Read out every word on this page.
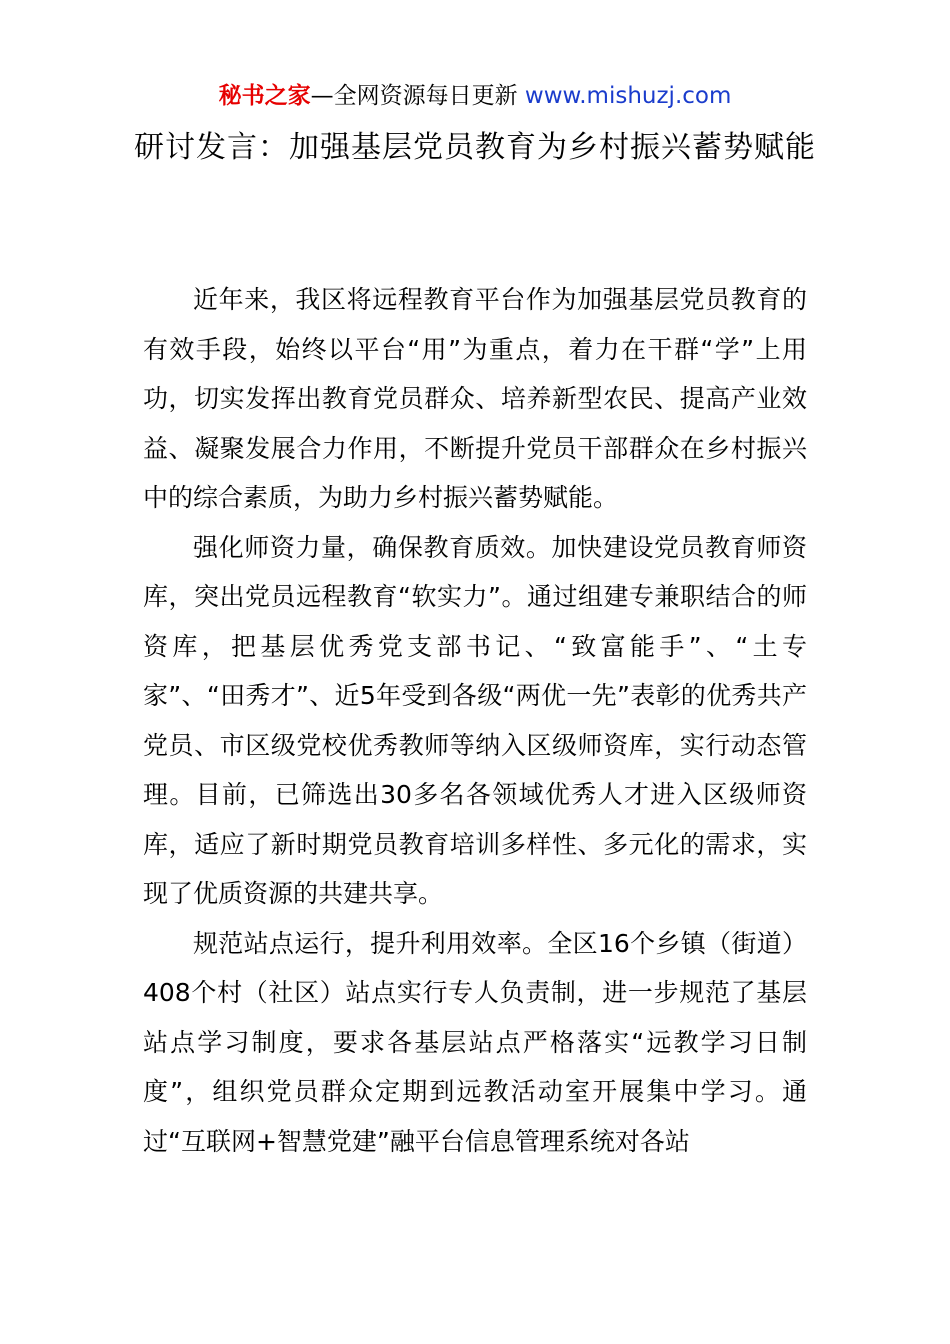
秘书之家—全网资源每日更新 www.mishuzj.com
研讨发言：加强基层党员教育为乡村振兴蓄势赋能

近年来，我区将远程教育平台作为加强基层党员教育的有效手段，始终以平台“用”为重点，着力在干群“学”上用功，切实发挥出教育党员群众、培养新型农民、提高产业效益、凝聚发展合力作用，不断提升党员干部群众在乡村振兴中的综合素质，为助力乡村振兴蓄势赋能。

强化师资力量，确保教育质效。加快建设党员教育师资库，突出党员远程教育“软实力”。通过组建专兼职结合的师资库，把基层优秀党支部书记、“致富能手”、“土专家”、“田秀才”、近5年受到各级“两优一先”表彰的优秀共产党员、市区级党校优秀教师等纳入区级师资库，实行动态管理。目前，已筛选出30多名各领域优秀人才进入区级师资库，适应了新时期党员教育培训多样性、多元化的需求，实现了优质资源的共建共享。

规范站点运行，提升利用效率。全区16个乡镇（街道）408个村（社区）站点实行专人负责制，进一步规范了基层站点学习制度，要求各基层站点严格落实“远教学习日制度”，组织党员群众定期到远教活动室开展集中学习。通过“互联网+智慧党建”融平台信息管理系统对各站
